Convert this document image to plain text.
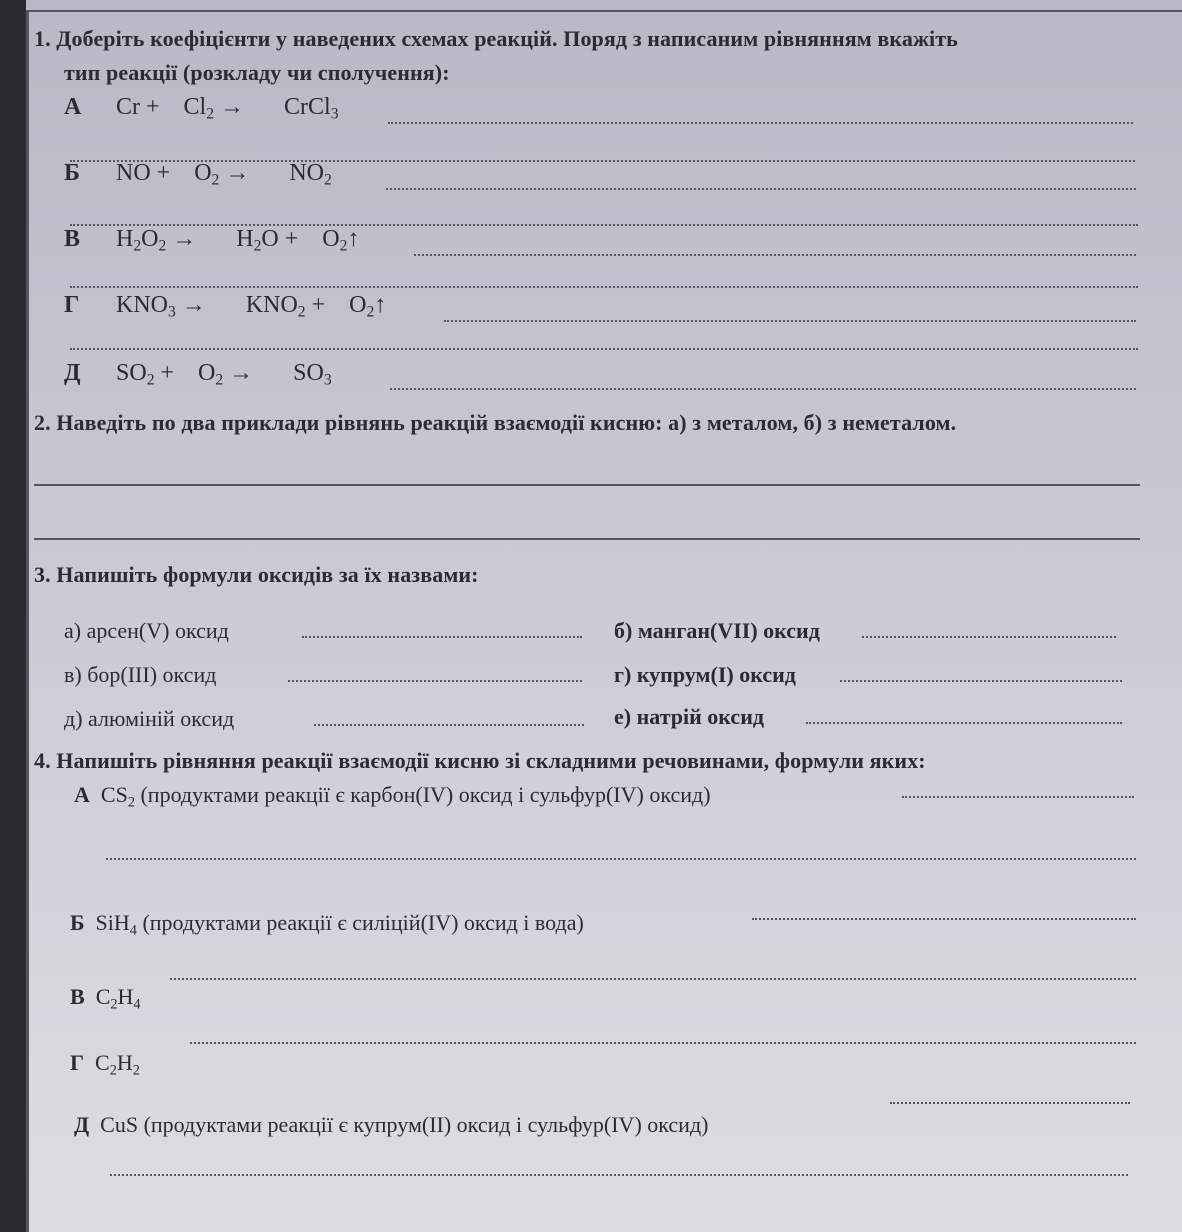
1. Доберіть коефіцієнти у наведених схемах реакцій. Поряд з написаним рівнянням вкажіть
тип реакції (розкладу чи сполучення):
А $Cr + Cl_2$ → CrCl$_3$
Б NO + $O_2 \to NO_2$
В $H_2O_2 \to H_2O$ + $O_2↑$
Г $KNO_3 \to KNO_2$ + $O_2↑$
Д $SO_2 + O_2 \to SO_3$
2. Наведіть по два приклади рівнянь реакцій взаємодії кисню: а) з металом, б) з неметалом.
3. Напишіть формули оксидів за їх назвами:
а) арсен(V) оксид	б) манган(VII) оксид
в) бор(III) оксид	г) купрум(I) оксид
д) алюміній оксид	е) натрій оксид
4. Напишіть рівняння реакції взаємодії кисню зі складними речовинами, формули яких:
А $CS_2$ (продуктами реакції є карбон(IV) оксид і сульфур(IV) оксид)
Б SiH$_4$ (продуктами реакції є силіцій(IV) оксид і вода)
В $C_2H_4$
Г $C_2H_2$
Д CuS (продуктами реакції є купрум(II) оксид і сульфур(IV) оксид)
